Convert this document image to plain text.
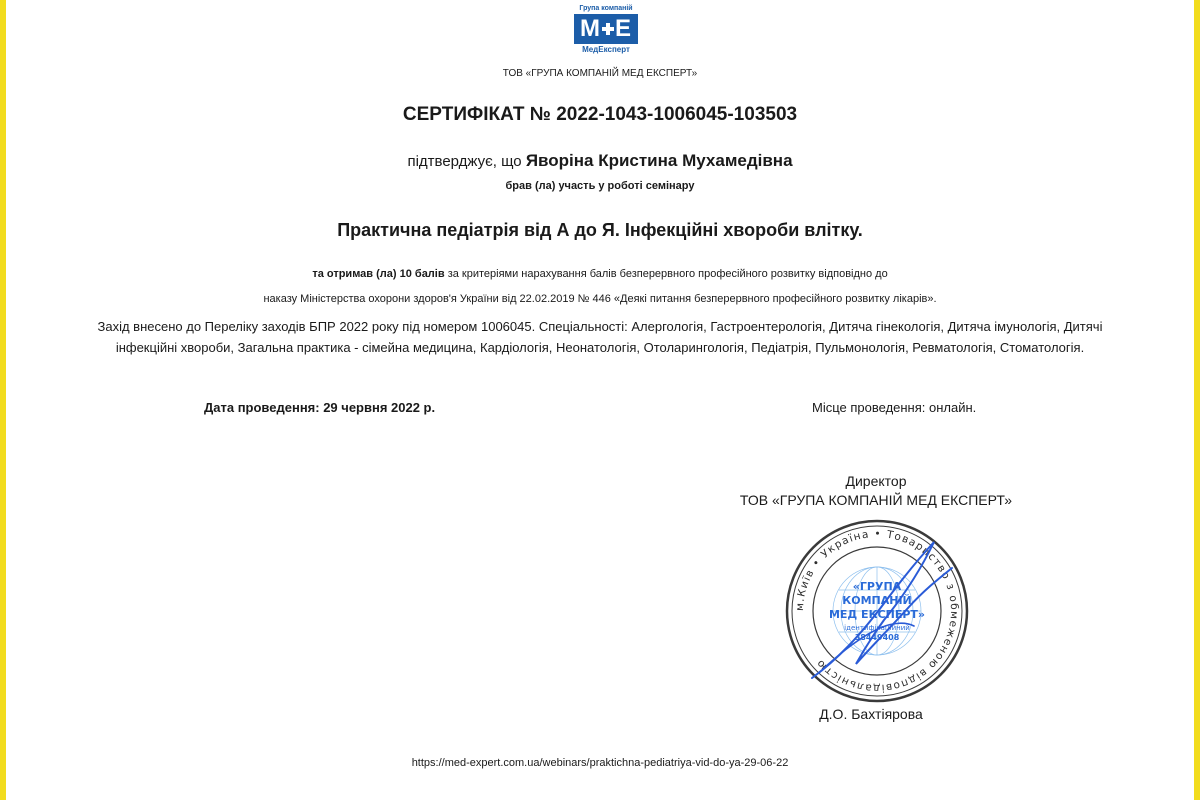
Група компаній
М Е
МедЕксперт
ТОВ «ГРУПА КОМПАНІЙ МЕД ЕКСПЕРТ»
СЕРТИФІКАТ № 2022-1043-1006045-103503
підтверджує, що Яворіна Кристина Мухамедівна
брав (ла) участь у роботі семінару
Практична педіатрія від А до Я. Інфекційні хвороби влітку.
та отримав (ла) 10 балів за критеріями нарахування балів безперервного професійного розвитку відповідно до
наказу Міністерства охорони здоров'я України від 22.02.2019 № 446 «Деякі питання безперервного професійного розвитку лікарів».
Захід внесено до Переліку заходів БПР 2022 року під номером 1006045. Спеціальності: Алергологія, Гастроентерологія, Дитяча гінекологія, Дитяча імунологія, Дитячі інфекційні хвороби, Загальна практика - сімейна медицина, Кардіологія, Неонатологія, Отоларингологія, Педіатрія, Пульмонологія, Ревматологія, Стоматологія.
Дата проведення: 29 червня 2022 р.	Місце проведення: онлайн.
Директор
ТОВ «ГРУПА КОМПАНІЙ МЕД ЕКСПЕРТ»
м.Київ • Україна • Товариство з обмеженою відповідальністю
«ГРУПА
КОМПАНІЙ
МЕД ЕКСПЕРТ»
ідентифікаційний
38449408
Д.О. Бахтіярова
https://med-expert.com.ua/webinars/praktichna-pediatriya-vid-do-ya-29-06-22
